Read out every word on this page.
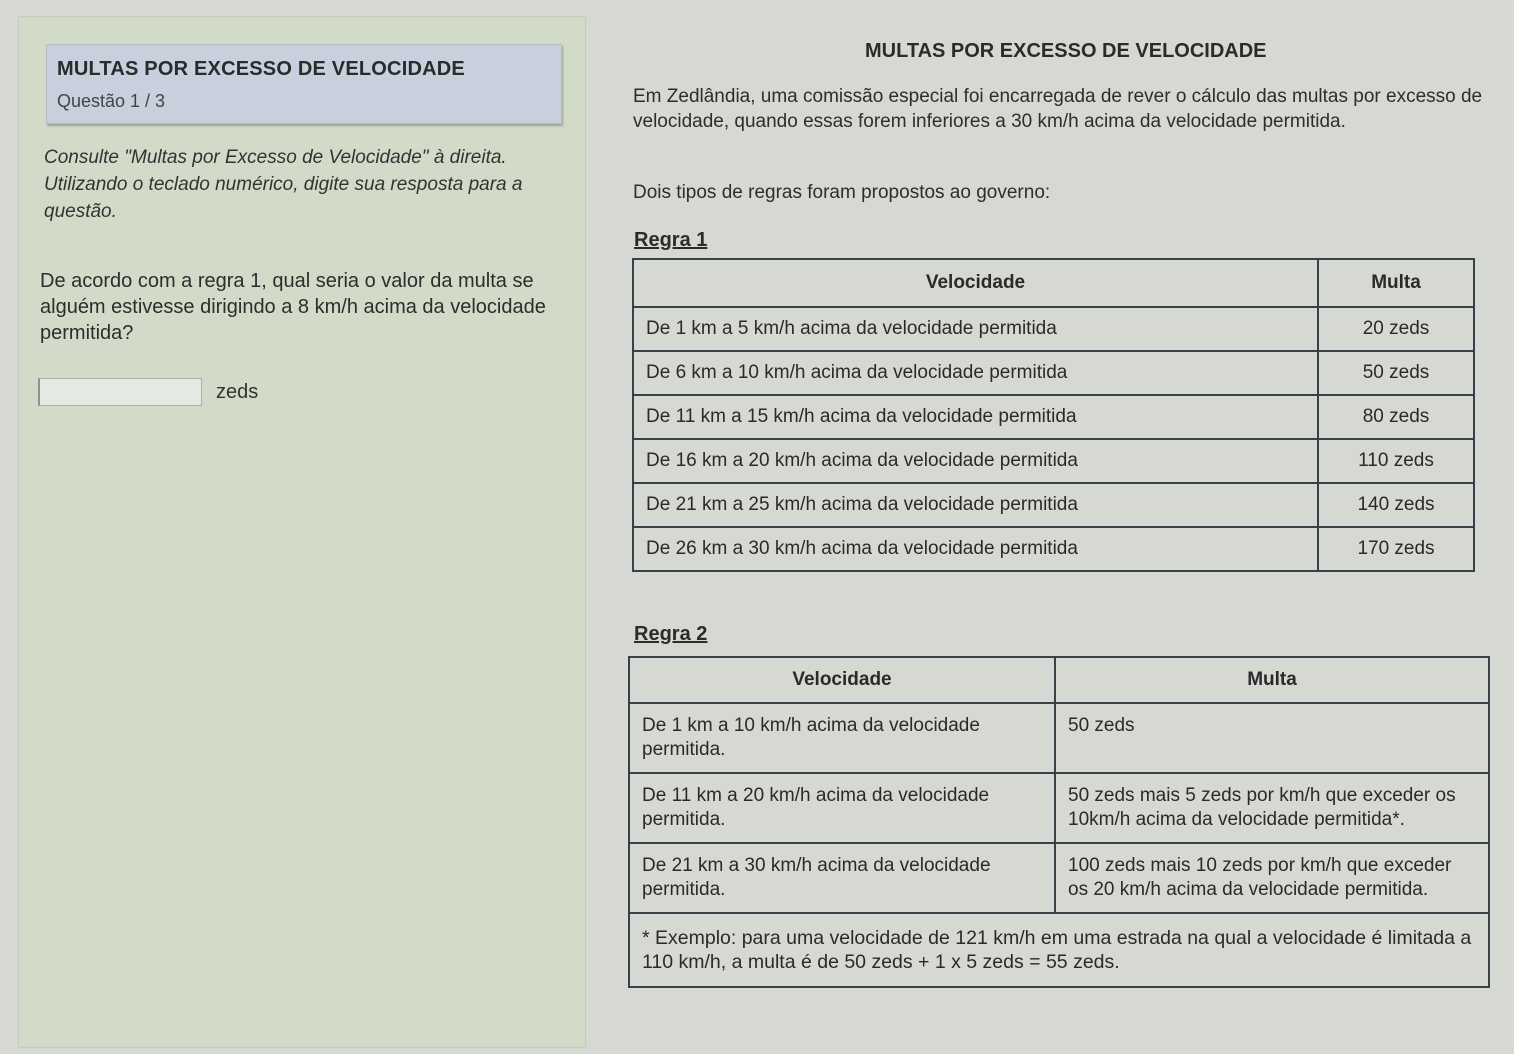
MULTAS POR EXCESSO DE VELOCIDADE
Questão 1 / 3
Consulte "Multas por Excesso de Velocidade" à direita. Utilizando o teclado numérico, digite sua resposta para a questão.
De acordo com a regra 1, qual seria o valor da multa se alguém estivesse dirigindo a 8 km/h acima da velocidade permitida?
zeds
MULTAS POR EXCESSO DE VELOCIDADE
Em Zedlândia, uma comissão especial foi encarregada de rever o cálculo das multas por excesso de velocidade, quando essas forem inferiores a 30 km/h acima da velocidade permitida.
Dois tipos de regras foram propostos ao governo:
Regra 1
Velocidade	Multa
De 1 km a 5 km/h acima da velocidade permitida	20 zeds
De 6 km a 10 km/h acima da velocidade permitida	50 zeds
De 11 km a 15 km/h acima da velocidade permitida	80 zeds
De 16 km a 20 km/h acima da velocidade permitida	110 zeds
De 21 km a 25 km/h acima da velocidade permitida	140 zeds
De 26 km a 30 km/h acima da velocidade permitida	170 zeds
Regra 2
Velocidade	Multa
De 1 km a 10 km/h acima da velocidade permitida.	50 zeds
De 11 km a 20 km/h acima da velocidade permitida.	50 zeds mais 5 zeds por km/h que exceder os 10km/h acima da velocidade permitida*.
De 21 km a 30 km/h acima da velocidade permitida.	100 zeds mais 10 zeds por km/h que exceder os 20 km/h acima da velocidade permitida.
* Exemplo: para uma velocidade de 121 km/h em uma estrada na qual a velocidade é limitada a 110 km/h, a multa é de 50 zeds + 1 x 5 zeds = 55 zeds.	
